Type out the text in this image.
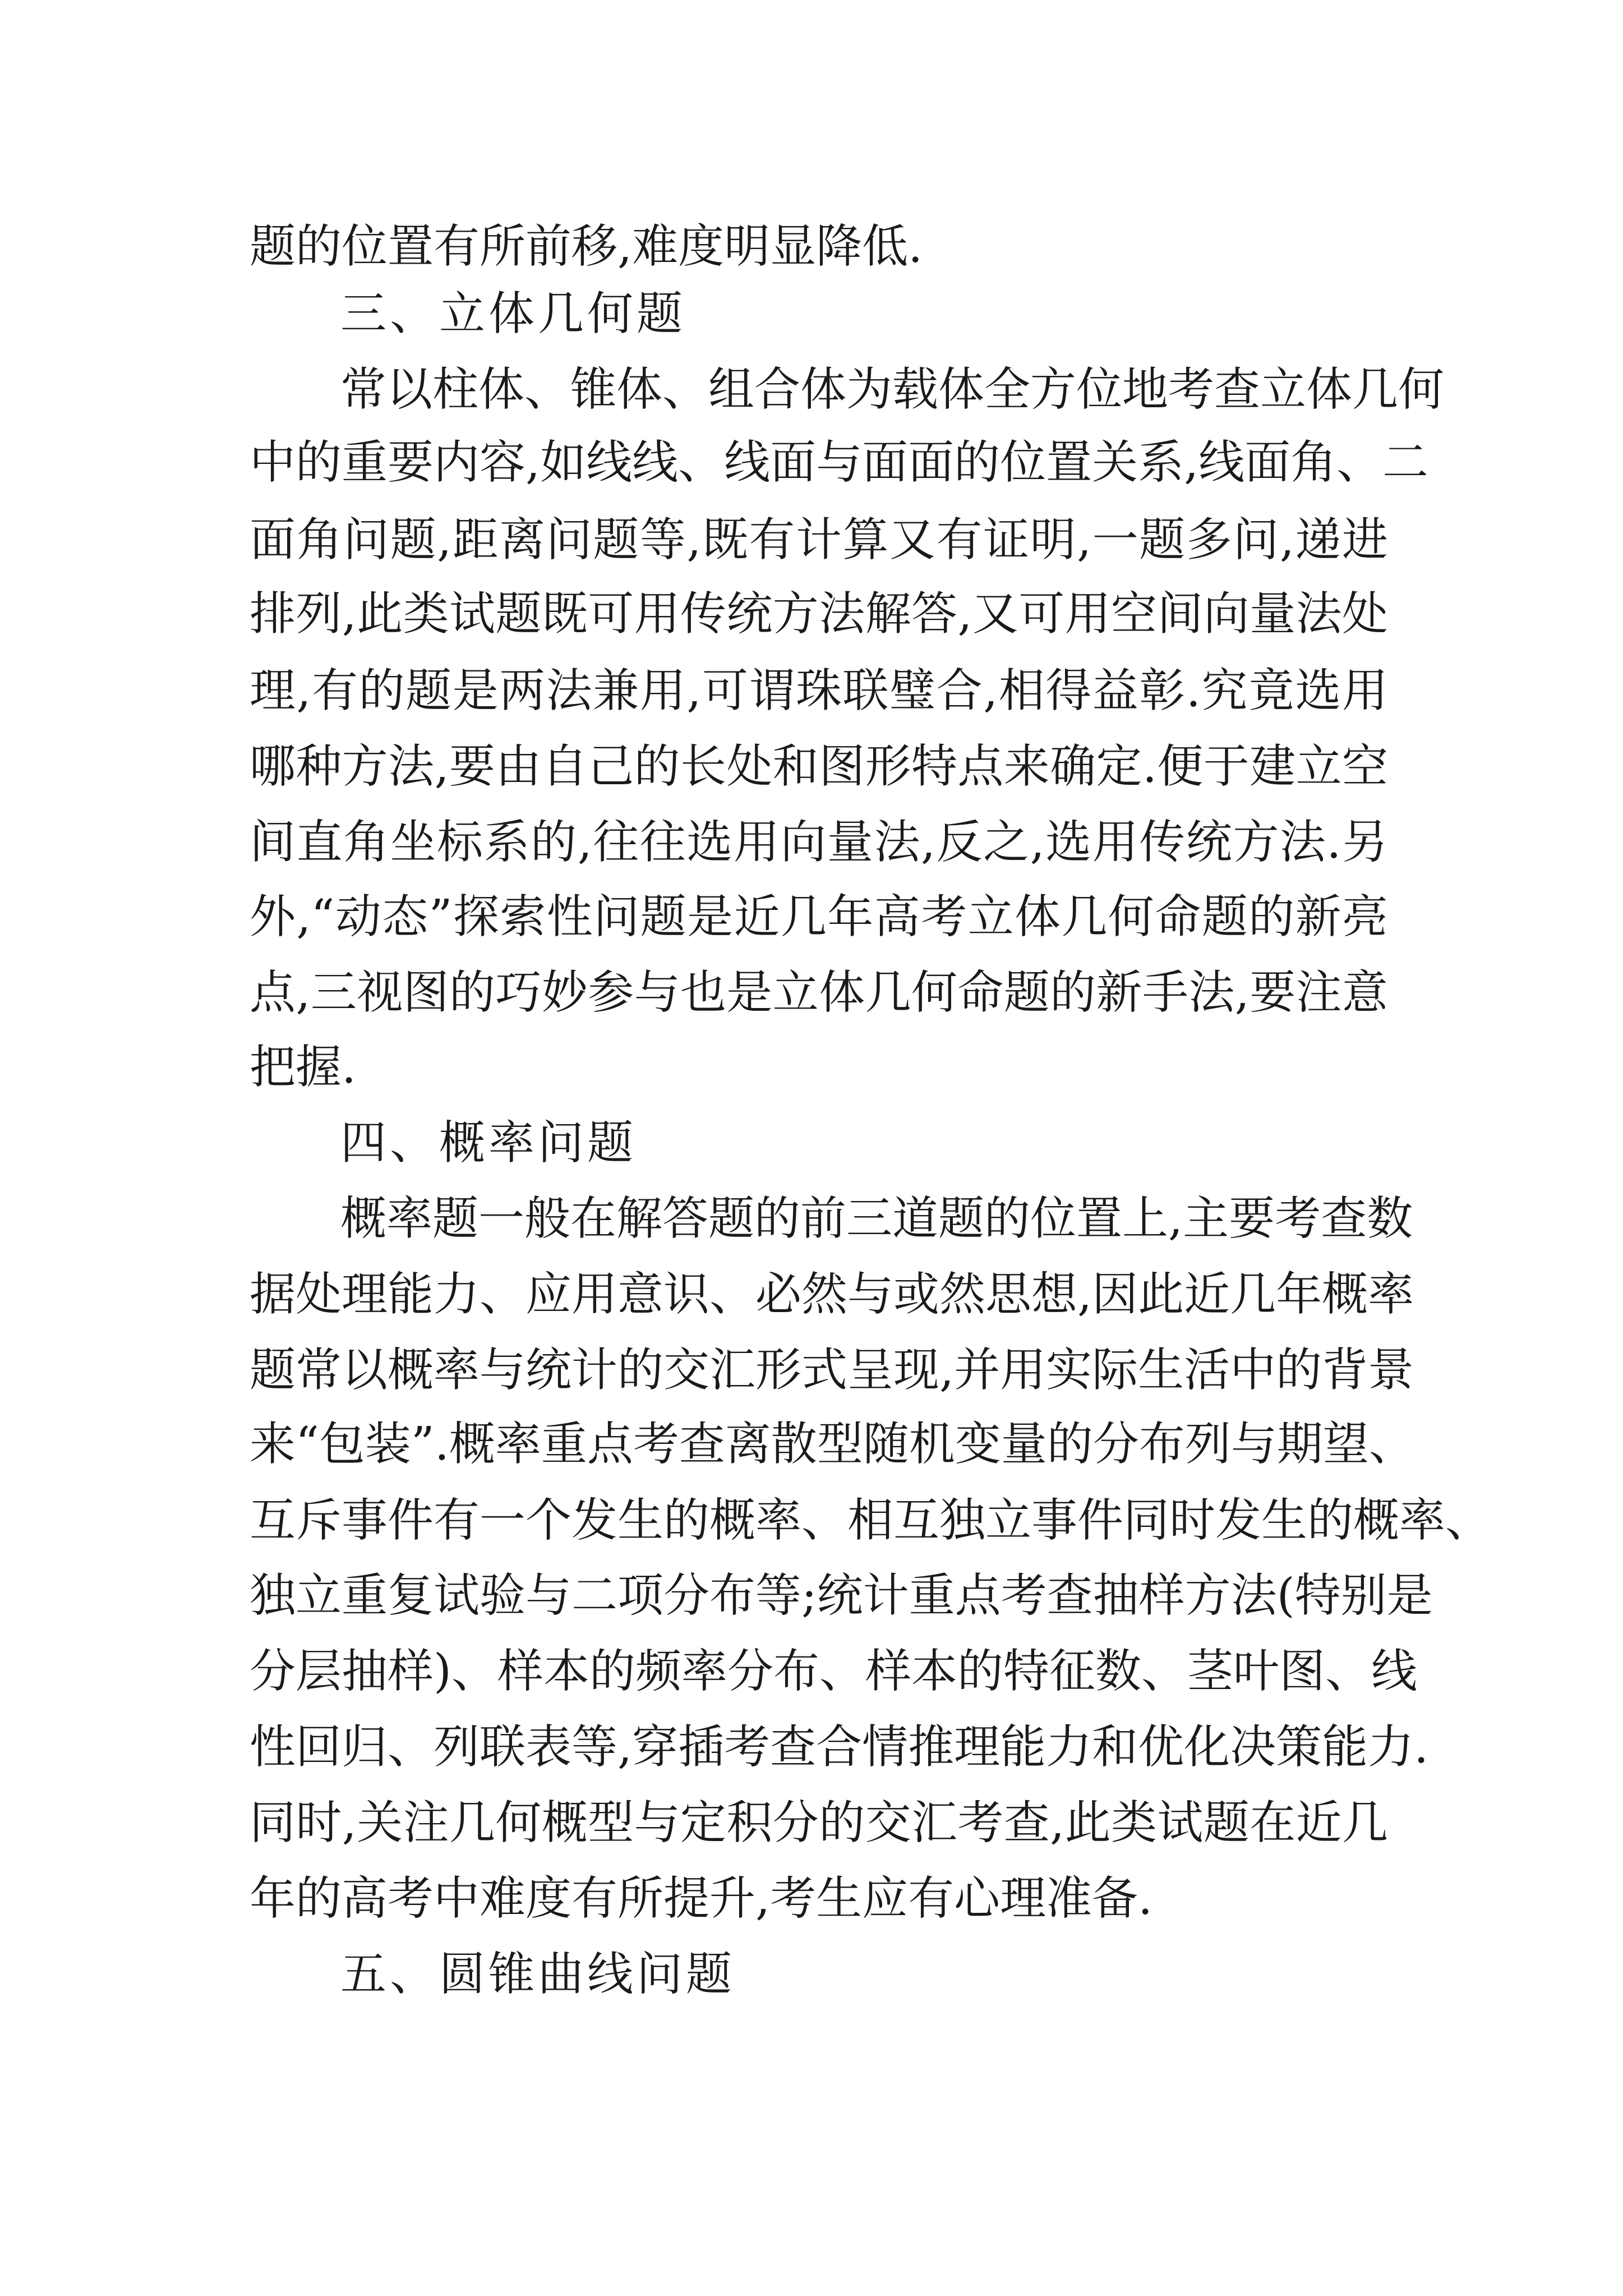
题的位置有所前移,难度明显降低.
三、立体几何题
常以柱体、锥体、组合体为载体全方位地考查立体几何
中的重要内容,如线线、线面与面面的位置关系,线面角、二
面角问题,距离问题等,既有计算又有证明,一题多问,递进
排列,此类试题既可用传统方法解答,又可用空间向量法处
理,有的题是两法兼用,可谓珠联璧合,相得益彰.究竟选用
哪种方法,要由自己的长处和图形特点来确定.便于建立空
间直角坐标系的,往往选用向量法,反之,选用传统方法.另
外,“动态”探索性问题是近几年高考立体几何命题的新亮
点,三视图的巧妙参与也是立体几何命题的新手法,要注意
把握.
四、概率问题
概率题一般在解答题的前三道题的位置上,主要考查数
据处理能力、应用意识、必然与或然思想,因此近几年概率
题常以概率与统计的交汇形式呈现,并用实际生活中的背景
来“包装”.概率重点考查离散型随机变量的分布列与期望、
互斥事件有一个发生的概率、相互独立事件同时发生的概率、
独立重复试验与二项分布等;统计重点考查抽样方法(特别是
分层抽样)、样本的频率分布、样本的特征数、茎叶图、线
性回归、列联表等,穿插考查合情推理能力和优化决策能力.
同时,关注几何概型与定积分的交汇考查,此类试题在近几
年的高考中难度有所提升,考生应有心理准备.
五、圆锥曲线问题
